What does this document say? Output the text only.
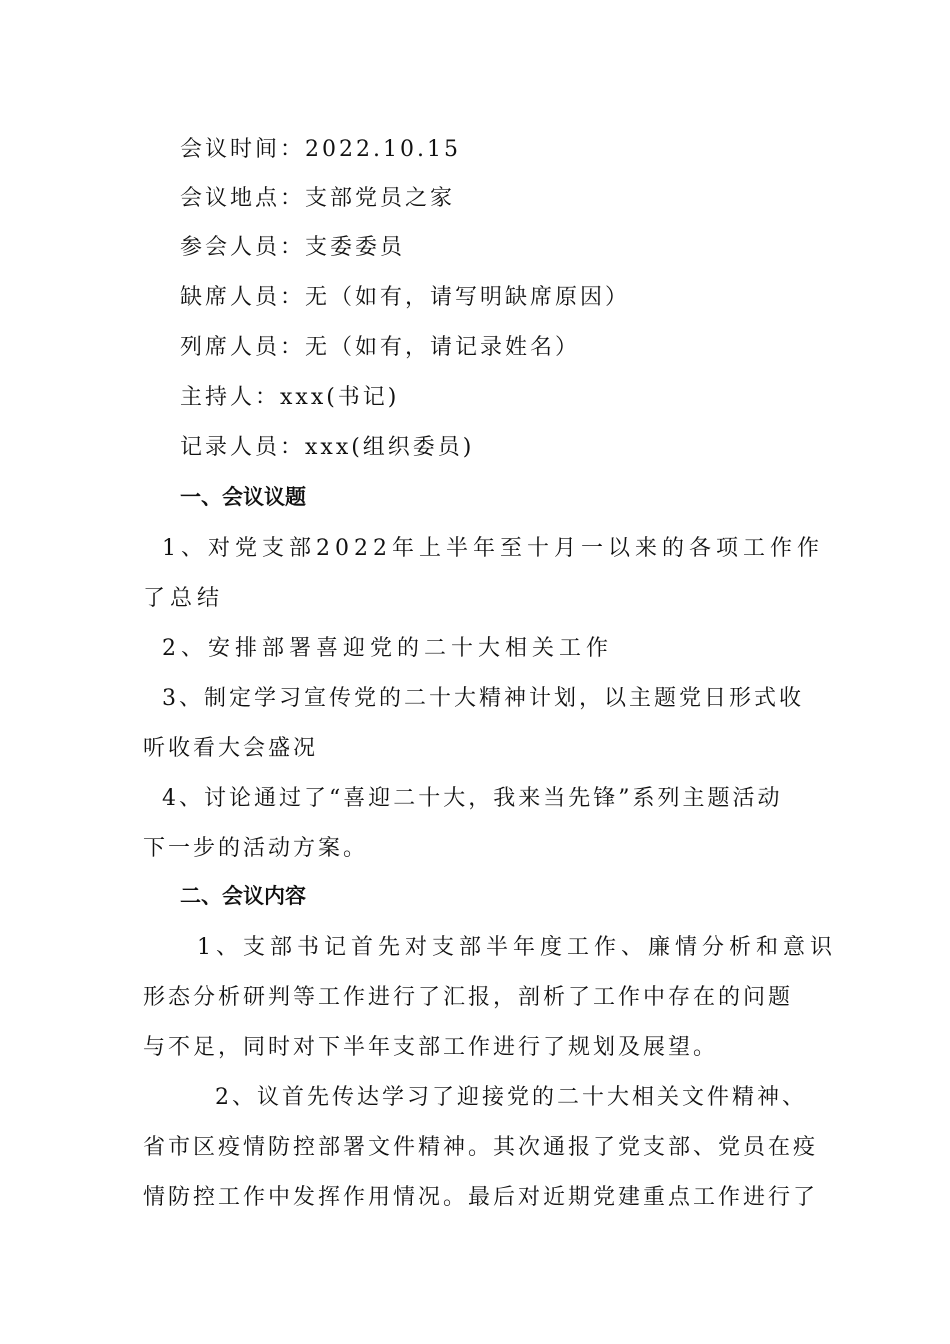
会议时间：2022.10.15
会议地点：支部党员之家
参会人员：支委委员
缺席人员：无（如有，请写明缺席原因）
列席人员：无（如有，请记录姓名）
主持人：xxx(书记)
记录人员：xxx(组织委员)
一、会议议题
1、对党支部2022年上半年至十月一以来的各项工作作
了总结
2、安排部署喜迎党的二十大相关工作
3、制定学习宣传党的二十大精神计划，以主题党日形式收
听收看大会盛况
4、讨论通过了“喜迎二十大，我来当先锋”系列主题活动
下一步的活动方案。
二、会议内容
1、支部书记首先对支部半年度工作、廉情分析和意识
形态分析研判等工作进行了汇报，剖析了工作中存在的问题
与不足，同时对下半年支部工作进行了规划及展望。
2、议首先传达学习了迎接党的二十大相关文件精神、
省市区疫情防控部署文件精神。其次通报了党支部、党员在疫
情防控工作中发挥作用情况。最后对近期党建重点工作进行了
